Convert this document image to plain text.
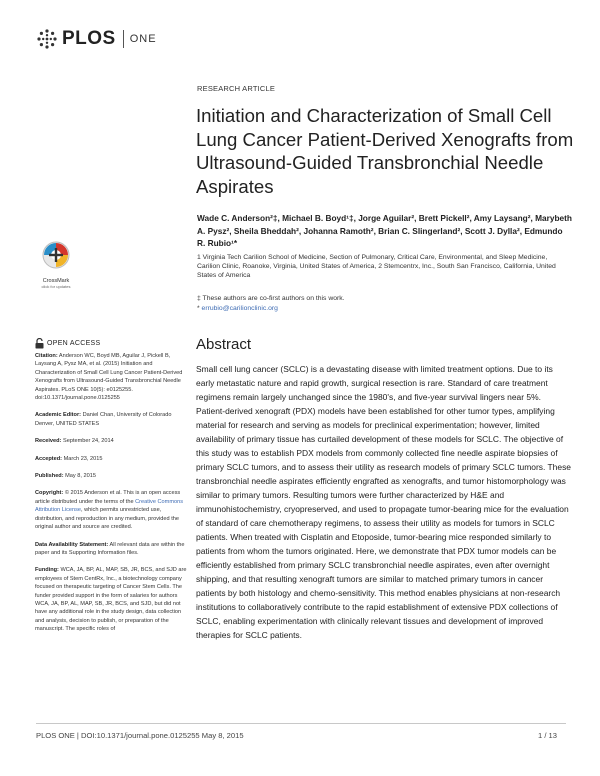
PLOS ONE
RESEARCH ARTICLE
Initiation and Characterization of Small Cell Lung Cancer Patient-Derived Xenografts from Ultrasound-Guided Transbronchial Needle Aspirates
Wade C. Anderson²‡, Michael B. Boyd¹‡, Jorge Aguilar², Brett Pickell², Amy Laysang², Marybeth A. Pysz², Sheila Bheddah², Johanna Ramoth², Brian C. Slingerland², Scott J. Dylla², Edmundo R. Rubio¹*
1 Virginia Tech Carilion School of Medicine, Section of Pulmonary, Critical Care, Environmental, and Sleep Medicine, Carilion Clinic, Roanoke, Virginia, United States of America, 2 Stemcentrx, Inc., South San Francisco, California, United States of America
‡ These authors are co-first authors on this work.
* errubio@carilionclinic.org
CrossMark
click for updates
OPEN ACCESS

Citation: Anderson WC, Boyd MB, Aguilar J, Pickell B, Laysang A, Pysz MA, et al. (2015) Initiation and Characterization of Small Cell Lung Cancer Patient-Derived Xenografts from Ultrasound-Guided Transbronchial Needle Aspirates. PLoS ONE 10(5): e0125255. doi:10.1371/journal.pone.0125255

Academic Editor: Daniel Chan, University of Colorado Denver, UNITED STATES

Received: September 24, 2014

Accepted: March 23, 2015

Published: May 8, 2015

Copyright: © 2015 Anderson et al. This is an open access article distributed under the terms of the Creative Commons Attribution License, which permits unrestricted use, distribution, and reproduction in any medium, provided the original author and source are credited.

Data Availability Statement: All relevant data are within the paper and its Supporting Information files.

Funding: WCA, JA, BP, AL, MAP, SB, JR, BCS, and SJD are employees of Stem CentRx, Inc., a biotechnology company focused on therapeutic targeting of Cancer Stem Cells. The funder provided support in the form of salaries for authors WCA, JA, BP, AL, MAP, SB, JR, BCS, and SJD, but did not have any additional role in the study design, data collection and analysis, decision to publish, or preparation of the manuscript. The specific roles of

Abstract
Small cell lung cancer (SCLC) is a devastating disease with limited treatment options. Due to its early metastatic nature and rapid growth, surgical resection is rare. Standard of care treatment regimens remain largely unchanged since the 1980's, and five-year survival lingers near 5%. Patient-derived xenograft (PDX) models have been established for other tumor types, amplifying material for research and serving as models for preclinical experimentation; however, limited availability of primary tissue has curtailed development of these models for SCLC. The objective of this study was to establish PDX models from commonly collected fine needle aspirate biopsies of primary SCLC tumors, and to assess their utility as research models of primary SCLC tumors. These transbronchial needle aspirates efficiently engrafted as xenografts, and tumor histomorphology was similar to primary tumors. Resulting tumors were further characterized by H&E and immunohistochemistry, cryopreserved, and used to propagate tumor-bearing mice for the evaluation of standard of care chemotherapy regimens, to assess their utility as models for tumors in SCLC patients. When treated with Cisplatin and Etoposide, tumor-bearing mice responded similarly to patients from whom the tumors originated. Here, we demonstrate that PDX tumor models can be efficiently established from primary SCLC transbronchial needle aspirates, even after overnight shipping, and that resulting xenograft tumors are similar to matched primary tumors in cancer patients by both histology and chemo-sensitivity. This method enables physicians at non-research institutions to collaboratively contribute to the rapid establishment of extensive PDX collections of SCLC, enabling experimentation with clinically relevant tissues and development of improved therapies for SCLC patients.
PLOS ONE | DOI:10.1371/journal.pone.0125255 May 8, 2015	1 / 13
